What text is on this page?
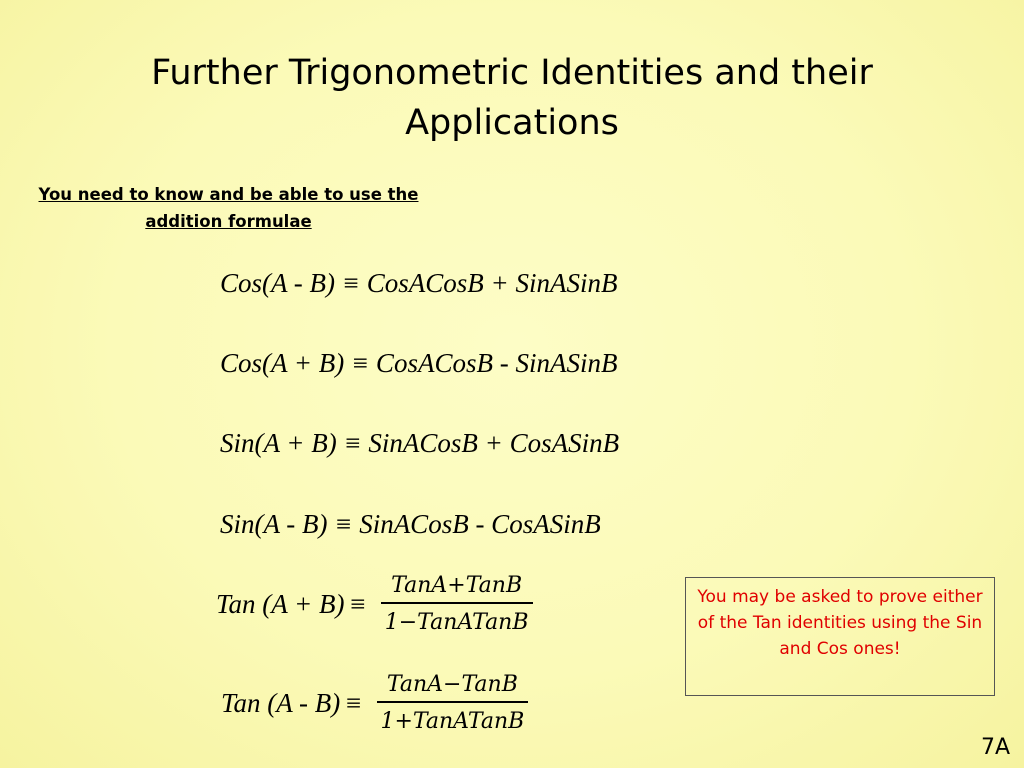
Further Trigonometric Identities and their Applications
You need to know and be able to use the addition formulae
Cos(A - B) ≡ CosACosB + SinASinB
Cos(A + B) ≡ CosACosB - SinASinB
Sin(A + B) ≡ SinACosB + CosASinB
Sin(A - B) ≡ SinACosB - CosASinB
Tan $(A + B) \equiv \frac{\text{TanA+TanB}}{\text{1−TanATanB}}$
Tan $(A - B) \equiv \frac{\text{TanA−TanB}}{\text{1+TanATanB}}$
You may be asked to prove either of the Tan identities using the Sin and Cos ones!
7A
